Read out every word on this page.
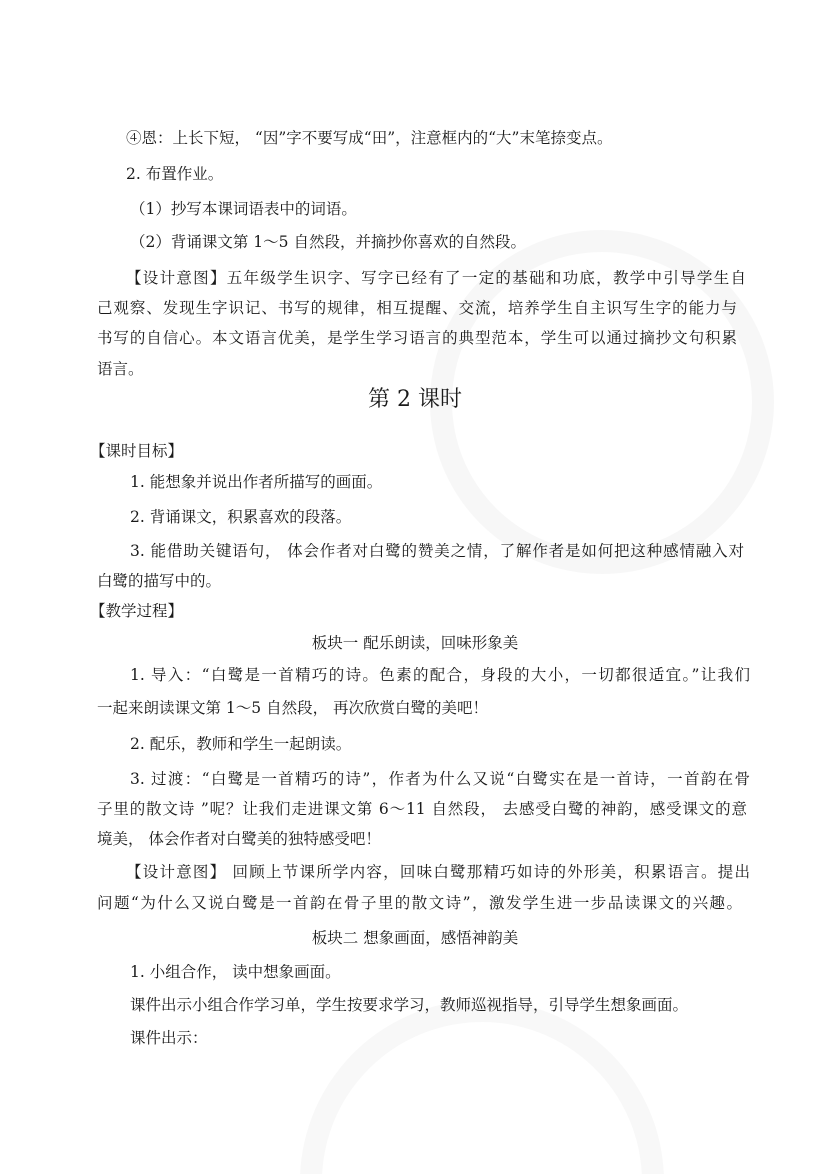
④恩：上长下短， “因”字不要写成“田”，注意框内的“大”末笔捺变点。
2. 布置作业。
（1）抄写本课词语表中的词语。
（2）背诵课文第 1～5 自然段，并摘抄你喜欢的自然段。
【设计意图】五年级学生识字、写字已经有了一定的基础和功底，教学中引导学生自
己观察、发现生字识记、书写的规律，相互提醒、交流，培养学生自主识写生字的能力与
书写的自信心。本文语言优美，是学生学习语言的典型范本，学生可以通过摘抄文句积累
语言。
第 2 课时
【课时目标】
1. 能想象并说出作者所描写的画面。
2. 背诵课文，积累喜欢的段落。
3. 能借助关键语句， 体会作者对白鹭的赞美之情，了解作者是如何把这种感情融入对
白鹭的描写中的。
【教学过程】
板块一 配乐朗读，回味形象美
1. 导入：“白鹭是一首精巧的诗。色素的配合，身段的大小，一切都很适宜。”让我们
一起来朗读课文第 1～5 自然段， 再次欣赏白鹭的美吧！
2. 配乐，教师和学生一起朗读。
3. 过渡：“白鹭是一首精巧的诗”，作者为什么又说“白鹭实在是一首诗，一首韵在骨
子里的散文诗 ”呢？让我们走进课文第 6～11 自然段， 去感受白鹭的神韵，感受课文的意
境美， 体会作者对白鹭美的独特感受吧！
【设计意图】 回顾上节课所学内容，回味白鹭那精巧如诗的外形美，积累语言。提出
问题“为什么又说白鹭是一首韵在骨子里的散文诗”，激发学生进一步品读课文的兴趣。
板块二 想象画面，感悟神韵美
1. 小组合作， 读中想象画面。
课件出示小组合作学习单，学生按要求学习，教师巡视指导，引导学生想象画面。
课件出示：
